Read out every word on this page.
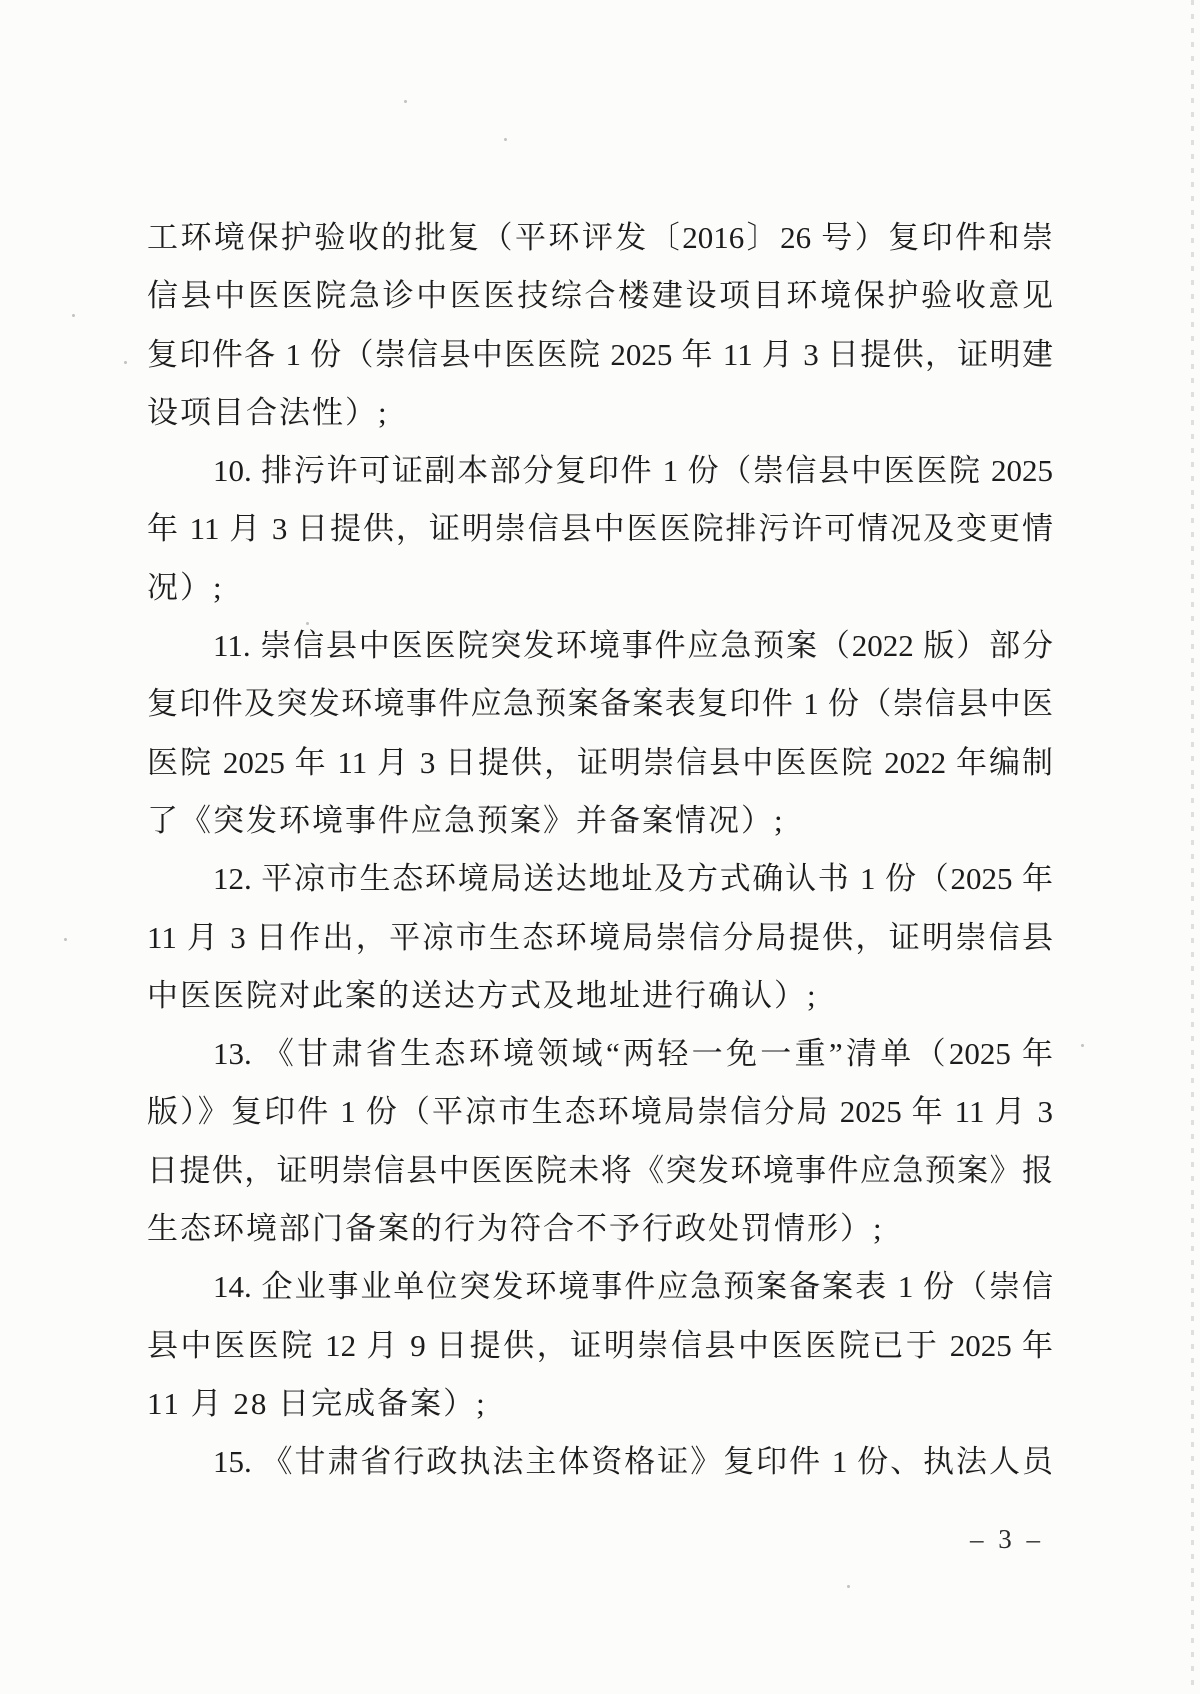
工环境保护验收的批复（平环评发〔2016〕26 号）复印件和崇
信县中医医院急诊中医医技综合楼建设项目环境保护验收意见
复印件各 1 份（崇信县中医医院 2025 年 11 月 3 日提供，证明建
设项目合法性）;
10. 排污许可证副本部分复印件 1 份（崇信县中医医院 2025
年 11 月 3 日提供，证明崇信县中医医院排污许可情况及变更情
况）;
11. 崇信县中医医院突发环境事件应急预案（2022 版）部分
复印件及突发环境事件应急预案备案表复印件 1 份（崇信县中医
医院 2025 年 11 月 3 日提供，证明崇信县中医医院 2022 年编制
了《突发环境事件应急预案》并备案情况）;
12. 平凉市生态环境局送达地址及方式确认书 1 份（2025 年
11 月 3 日作出，平凉市生态环境局崇信分局提供，证明崇信县
中医医院对此案的送达方式及地址进行确认）;
13. 《甘肃省生态环境领域“两轻一免一重”清单（2025 年
版）》复印件 1 份（平凉市生态环境局崇信分局 2025 年 11 月 3
日提供，证明崇信县中医医院未将《突发环境事件应急预案》报
生态环境部门备案的行为符合不予行政处罚情形）;
14. 企业事业单位突发环境事件应急预案备案表 1 份（崇信
县中医医院 12 月 9 日提供，证明崇信县中医医院已于 2025 年
11 月 28 日完成备案）;
15. 《甘肃省行政执法主体资格证》复印件 1 份、执法人员
– 3 –
